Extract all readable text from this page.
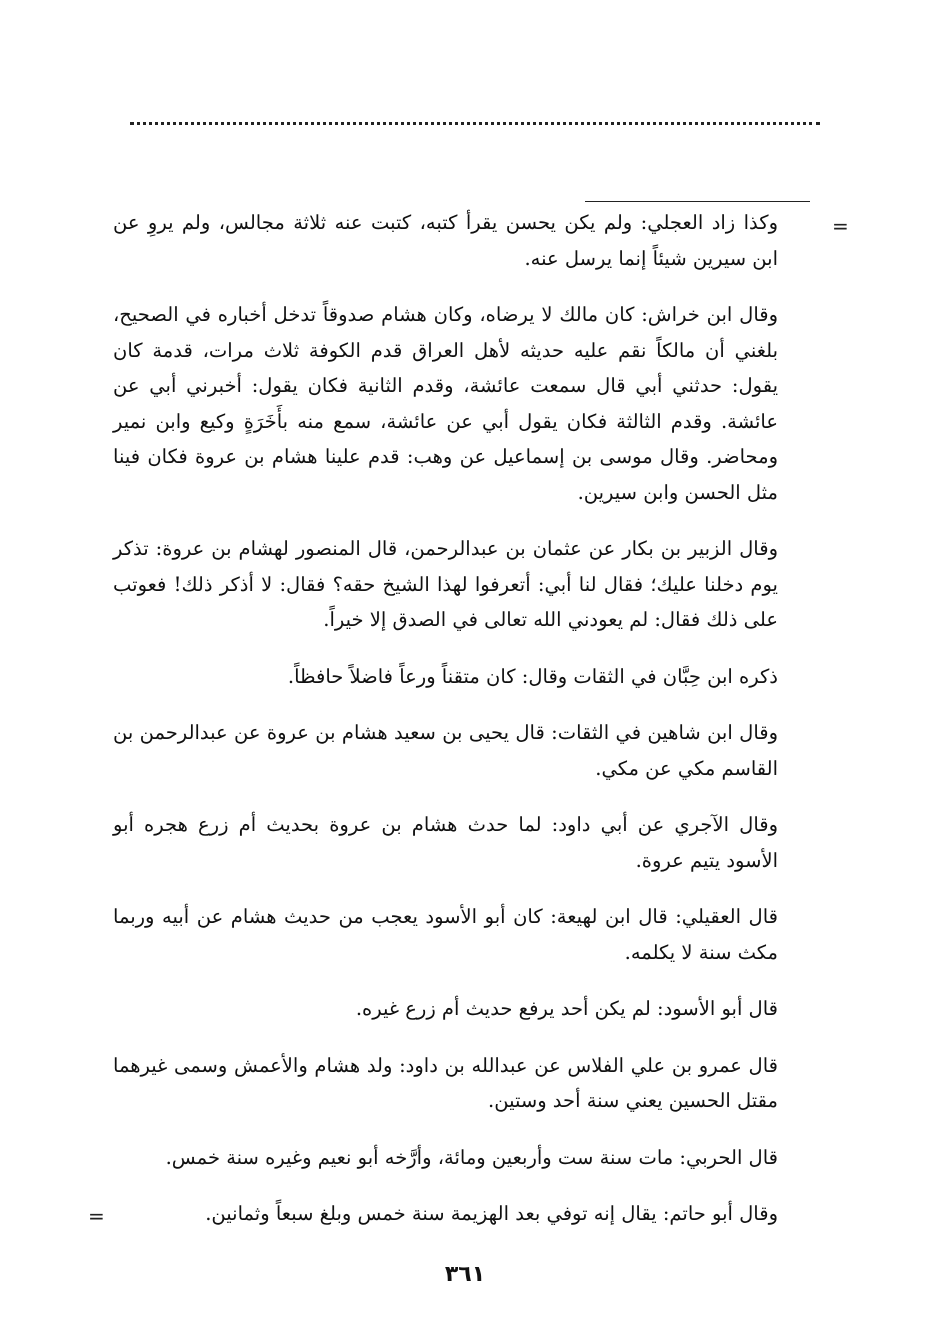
=

وكذا زاد العجلي: ولم يكن يحسن يقرأ كتبه، كتبت عنه ثلاثة مجالس، ولم يروِ عن ابن سيرين شيئاً إنما يرسل عنه.

وقال ابن خراش: كان مالك لا يرضاه، وكان هشام صدوقاً تدخل أخباره في الصحيح، بلغني أن مالكاً نقم عليه حديثه لأهل العراق قدم الكوفة ثلاث مرات، قدمة كان يقول: حدثني أبي قال سمعت عائشة، وقدم الثانية فكان يقول: أخبرني أبي عن عائشة. وقدم الثالثة فكان يقول أبي عن عائشة، سمع منه بأَخَرَةٍ وكيع وابن نمير ومحاضر. وقال موسى بن إسماعيل عن وهب: قدم علينا هشام بن عروة فكان فينا مثل الحسن وابن سيرين.

وقال الزبير بن بكار عن عثمان بن عبدالرحمن، قال المنصور لهشام بن عروة: تذكر يوم دخلنا عليك؛ فقال لنا أبي: أتعرفوا لهذا الشيخ حقه؟ فقال: لا أذكر ذلك! فعوتب على ذلك فقال: لم يعودني الله تعالى في الصدق إلا خيراً.

ذكره ابن حِبَّان في الثقات وقال: كان متقناً ورعاً فاضلاً حافظاً.

وقال ابن شاهين في الثقات: قال يحيى بن سعيد هشام بن عروة عن عبدالرحمن بن القاسم مكي عن مكي.

وقال الآجري عن أبي داود: لما حدث هشام بن عروة بحديث أم زرع هجره أبو الأسود يتيم عروة.

قال العقيلي: قال ابن لهيعة: كان أبو الأسود يعجب من حديث هشام عن أبيه وربما مكث سنة لا يكلمه.

قال أبو الأسود: لم يكن أحد يرفع حديث أم زرع غيره.

قال عمرو بن علي الفلاس عن عبدالله بن داود: ولد هشام والأعمش وسمى غيرهما مقتل الحسين يعني سنة أحد وستين.

قال الحربي: مات سنة ست وأربعين ومائة، وأرَّخه أبو نعيم وغيره سنة خمس.

وقال أبو حاتم: يقال إنه توفي بعد الهزيمة سنة خمس وبلغ سبعاً وثمانين.

=
٣٦١
